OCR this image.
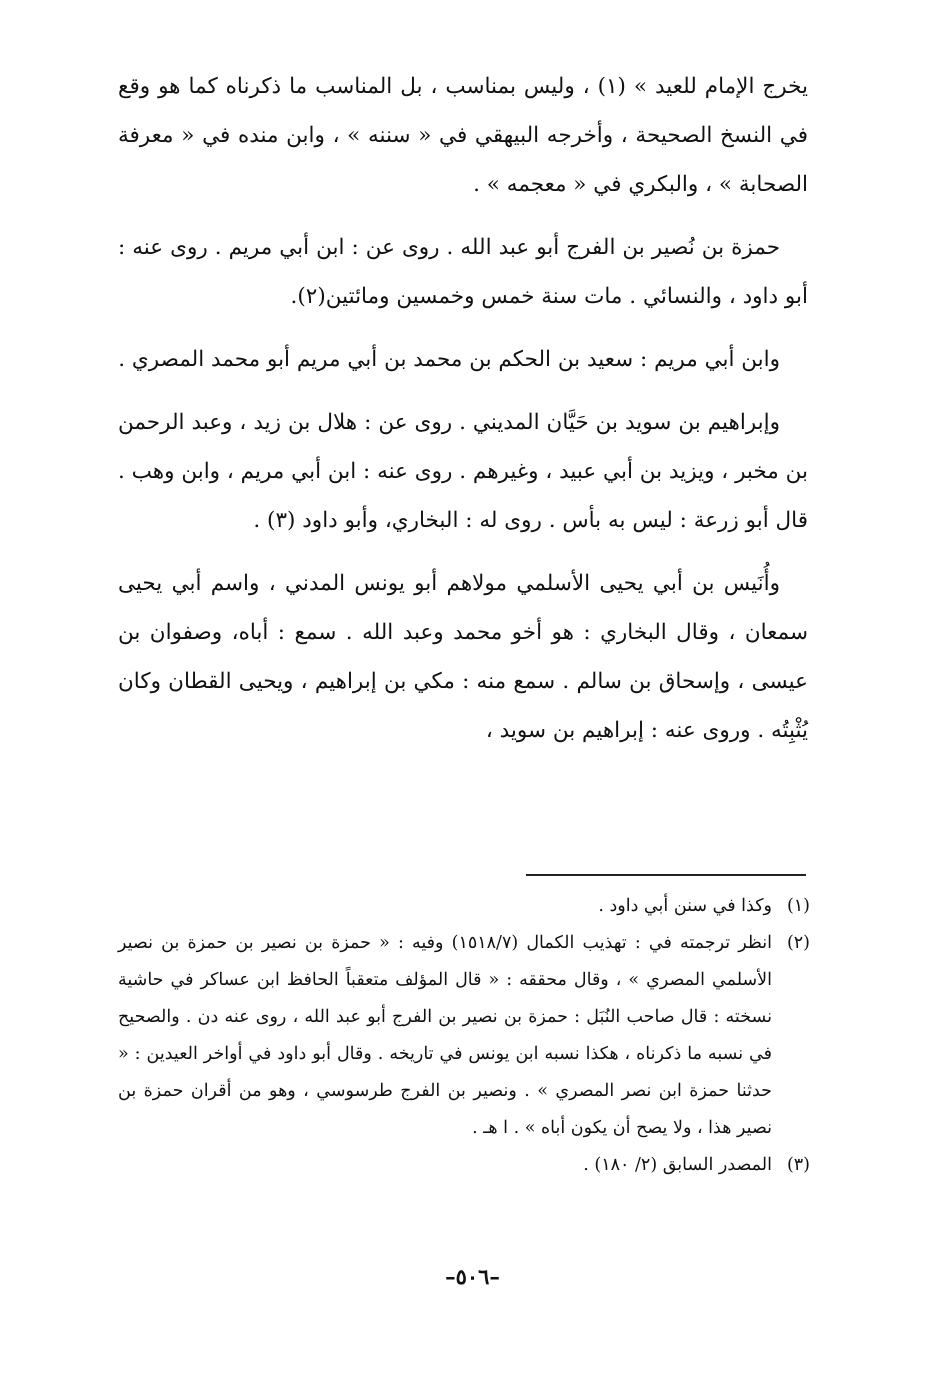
يخرج الإمام للعيد » (١) ، وليس بمناسب ، بل المناسب ما ذكرناه كما هو وقع في النسخ الصحيحة ، وأخرجه البيهقي في « سننه » ، وابن منده في « معرفة الصحابة » ، والبكري في « معجمه » .

حمزة بن نُصير بن الفرج أبو عبد الله . روى عن : ابن أبي مريم . روى عنه : أبو داود ، والنسائي . مات سنة خمس وخمسين ومائتين(٢).

وابن أبي مريم : سعيد بن الحكم بن محمد بن أبي مريم أبو محمد المصري .

وإبراهيم بن سويد بن حَيَّان المديني . روى عن : هلال بن زيد ، وعبد الرحمن بن مخبر ، ويزيد بن أبي عبيد ، وغيرهم . روى عنه : ابن أبي مريم ، وابن وهب . قال أبو زرعة : ليس به بأس . روى له : البخاري، وأبو داود (٣) .

وأُنَيس بن أبي يحيى الأسلمي مولاهم أبو يونس المدني ، واسم أبي يحيى سمعان ، وقال البخاري : هو أخو محمد وعبد الله . سمع : أباه، وصفوان بن عيسى ، وإسحاق بن سالم . سمع منه : مكي بن إبراهيم ، ويحيى القطان وكان يُثْبِتُه . وروى عنه : إبراهيم بن سويد ،

(١)وكذا في سنن أبي داود .

(٢)انظر ترجمته في : تهذيب الكمال (١٥١٨/٧) وفيه : « حمزة بن نصير بن حمزة بن نصير الأسلمي المصري » ، وقال محققه : « قال المؤلف متعقباً الحافظ ابن عساكر في حاشية نسخته : قال صاحب النُبَل : حمزة بن نصير بن الفرج أبو عبد الله ، روى عنه دن . والصحيح في نسبه ما ذكرناه ، هكذا نسبه ابن يونس في تاريخه . وقال أبو داود في أواخر العيدين : « حدثنا حمزة ابن نصر المصري » . ونصير بن الفرج طرسوسي ، وهو من أقران حمزة بن نصير هذا ، ولا يصح أن يكون أباه » . ا هـ .

(٣)المصدر السابق (٢/ ١٨٠) .

–٥٠٦–
